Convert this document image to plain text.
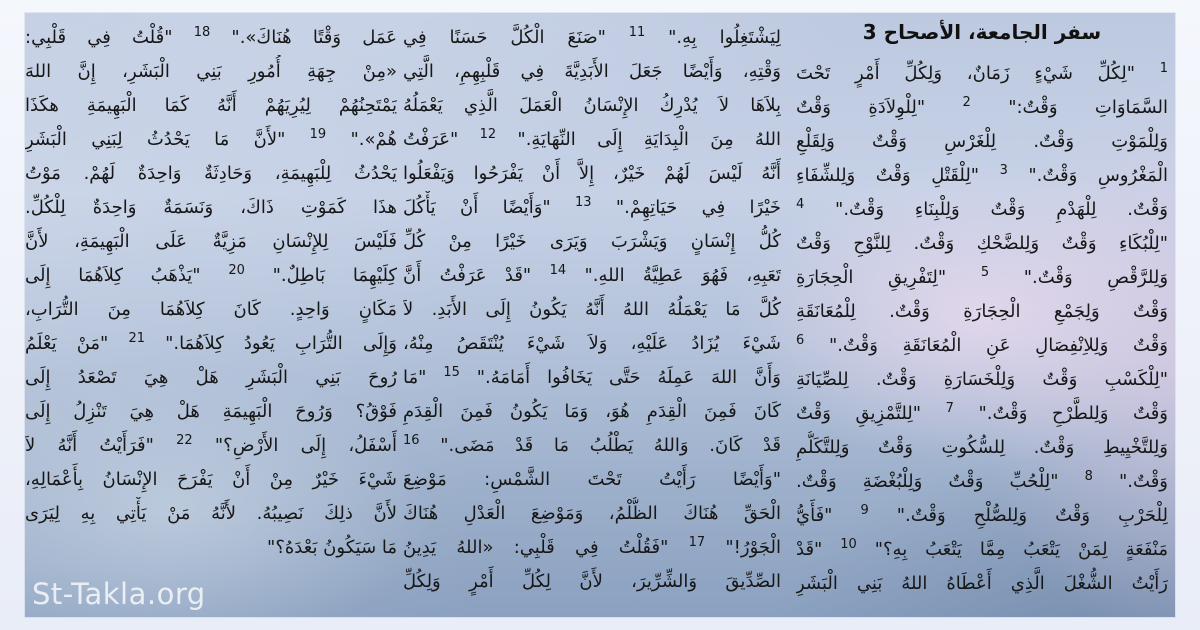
سفر الجامعة، الأصحاح 3
$^1$ "لِكُلِّ شَيْءٍ زَمَانٌ، وَلِكُلِّ أَمْرٍ تَحْتَ
السَّمَاوَاتِ وَقْتٌ:" $^2$ "لِلْوِلاَدَةِ وَقْتٌ
وَلِلْمَوْتِ وَقْتٌ. لِلْغَرْسِ وَقْتٌ وَلِقَلْعِ
الْمَغْرُوسِ وَقْتٌ." $^3$ "لِلْقَتْلِ وَقْتٌ وَلِلشِّفَاءِ
وَقْتٌ. لِلْهَدْمِ وَقْتٌ وَلِلْبِنَاءِ وَقْتٌ." $^4$
"لِلْبُكَاءِ وَقْتٌ وَلِلضَّحْكِ وَقْتٌ. لِلنَّوْحِ وَقْتٌ
وَلِلرَّقْصِ وَقْتٌ." $^5$ "لِتَفْرِيقِ الْحِجَارَةِ
وَقْتٌ وَلِجَمْعِ الْحِجَارَةِ وَقْتٌ. لِلْمُعَانَقَةِ
وَقْتٌ وَلِلاِنْفِصَالِ عَنِ الْمُعَانَقَةِ وَقْتٌ." $^6$
"لِلْكَسْبِ وَقْتٌ وَلِلْخَسَارَةِ وَقْتٌ. لِلصِّيَانَةِ
وَقْتٌ وَلِلطَّرْحِ وَقْتٌ." $^7$ "لِلتَّمْزِيقِ وَقْتٌ
وَلِلتَّخْيِيطِ وَقْتٌ. لِلسُّكُوتِ وَقْتٌ وَلِلتَّكَلُّمِ
وَقْتٌ." $^8$ "لِلْحُبِّ وَقْتٌ وَلِلْبُغْضَةِ وَقْتٌ.
لِلْحَرْبِ وَقْتٌ وَلِلصُّلْحِ وَقْتٌ." $^9$ "فَأَيُّ
مَنْفَعَةٍ لِمَنْ يَتْعَبُ مِمَّا يَتْعَبُ بِهِ؟" $^{10}$ "قَدْ
رَأَيْتُ الشُّغْلَ الَّذِي أَعْطَاهُ اللهُ بَنِي الْبَشَرِ
لِيَشْتَغِلُوا بِهِ." $^{11}$ "صَنَعَ الْكُلَّ حَسَنًا فِي
وَقْتِهِ، وَأَيْضًا جَعَلَ الأَبَدِيَّةَ فِي قَلْبِهِمِ، الَّتِي
بِلاَهَا لاَ يُدْرِكُ الإِنْسَانُ الْعَمَلَ الَّذِي يَعْمَلُهُ
اللهُ مِنَ الْبِدَايَةِ إِلَى النِّهَايَةِ." $^{12}$ "عَرَفْتُ
أَنَّهُ لَيْسَ لَهُمْ خَيْرٌ، إِلاَّ أَنْ يَفْرَحُوا وَيَفْعَلُوا
خَيْرًا فِي حَيَاتِهِمْ." $^{13}$ "وَأَيْضًا أَنْ يَأْكُلَ
كُلُّ إِنْسَانٍ وَيَشْرَبَ وَيَرَى خَيْرًا مِنْ كُلِّ
تَعَبِهِ، فَهُوَ عَطِيَّةُ اللهِ." $^{14}$ "قَدْ عَرَفْتُ أَنَّ
كُلَّ مَا يَعْمَلُهُ اللهُ أَنَّهُ يَكُونُ إِلَى الأَبَدِ. لاَ
شَيْءَ يُزَادُ عَلَيْهِ، وَلاَ شَيْءَ يُنْتَقَصُ مِنْهُ،
وَأَنَّ اللهَ عَمِلَهُ حَتَّى يَخَافُوا أَمَامَهُ." $^{15}$ "مَا
كَانَ فَمِنَ الْقِدَمِ هُوَ، وَمَا يَكُونُ فَمِنَ الْقِدَمِ
قَدْ كَانَ. وَاللهُ يَطْلُبُ مَا قَدْ مَضَى." $^{16}$
"وَأَيْضًا رَأَيْتُ تَحْتَ الشَّمْسِ: مَوْضِعَ
الْحَقِّ هُنَاكَ الظُّلْمُ، وَمَوْضِعَ الْعَدْلِ هُنَاكَ
الْجَوْرُ!" $^{17}$ "فَقُلْتُ فِي قَلْبِي: «اللهُ يَدِينُ
الصِّدِّيقَ وَالشِّرِّيرَ، لأَنَّ لِكُلِّ أَمْرٍ وَلِكُلِّ
عَمَل وَقْتًا هُنَاكَ»." $^{18}$ "قُلْتُ فِي قَلْبِي:
«مِنْ جِهَةِ أُمُورِ بَنِي الْبَشَرِ، إِنَّ اللهَ
يَمْتَحِنُهُمْ لِيُرِيَهُمْ أَنَّهُ كَمَا الْبَهِيمَةِ هكَذَا
هُمْ»." $^{19}$ "لأَنَّ مَا يَحْدُثُ لِبَنِي الْبَشَرِ
يَحْدُثُ لِلْبَهِيمَةِ، وَحَادِثَةٌ وَاحِدَةٌ لَهُمْ. مَوْتُ
هذَا كَمَوْتِ ذَاكَ، وَنَسَمَةٌ وَاحِدَةٌ لِلْكُلِّ.
فَلَيْسَ لِلإِنْسَانِ مَزِيَّةٌ عَلَى الْبَهِيمَةِ، لأَنَّ
كِلَيْهِمَا بَاطِلٌ." $^{20}$ "يَذْهَبُ كِلاَهُمَا إِلَى
مَكَانٍ وَاحِدٍ. كَانَ كِلاَهُمَا مِنَ التُّرَابِ،
وَإِلَى التُّرَابِ يَعُودُ كِلاَهُمَا." $^{21}$ "مَنْ يَعْلَمُ
رُوحَ بَنِي الْبَشَرِ هَلْ هِيَ تَصْعَدُ إِلَى
فَوْقُ؟ وَرُوحَ الْبَهِيمَةِ هَلْ هِيَ تَنْزِلُ إِلَى
أَسْفَلُ، إِلَى الأَرْضِ؟" $^{22}$ "فَرَأَيْتُ أَنَّهُ لاَ
شَيْءَ خَيْرٌ مِنْ أَنْ يَفْرَحَ الإِنْسَانُ بِأَعْمَالِهِ،
لأَنَّ ذلِكَ نَصِيبُهُ. لأَنَّهُ مَنْ يَأْتِي بِهِ لِيَرَى
مَا سَيَكُونُ بَعْدَهُ؟"
St-Takla.org
